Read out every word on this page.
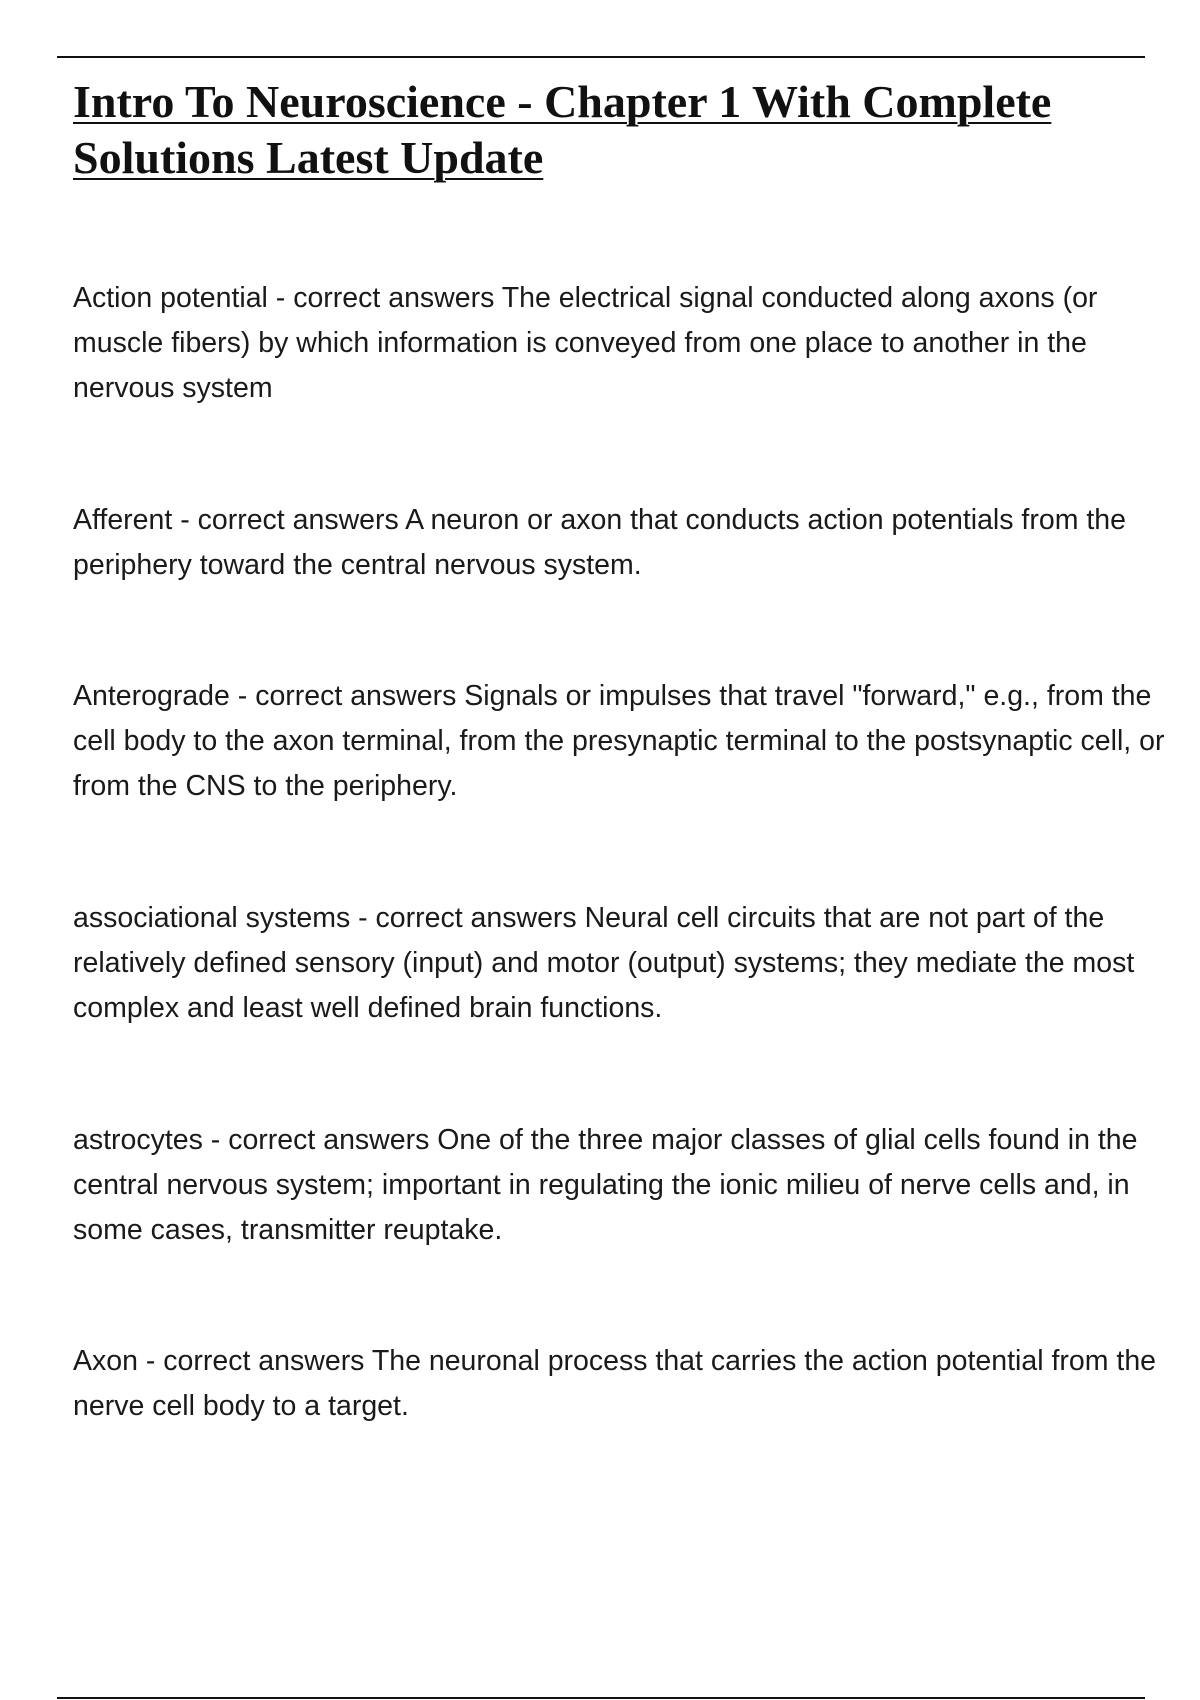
Intro To Neuroscience - Chapter 1 With Complete Solutions Latest Update

Action potential - correct answers The electrical signal conducted along axons (or muscle fibers) by which information is conveyed from one place to another in the nervous system

Afferent - correct answers A neuron or axon that conducts action potentials from the periphery toward the central nervous system.

Anterograde - correct answers Signals or impulses that travel "forward," e.g., from the cell body to the axon terminal, from the presynaptic terminal to the postsynaptic cell, or from the CNS to the periphery.

associational systems - correct answers Neural cell circuits that are not part of the relatively defined sensory (input) and motor (output) systems; they mediate the most complex and least well defined brain functions.

astrocytes - correct answers One of the three major classes of glial cells found in the central nervous system; important in regulating the ionic milieu of nerve cells and, in some cases, transmitter reuptake.

Axon - correct answers The neuronal process that carries the action potential from the nerve cell body to a target.
